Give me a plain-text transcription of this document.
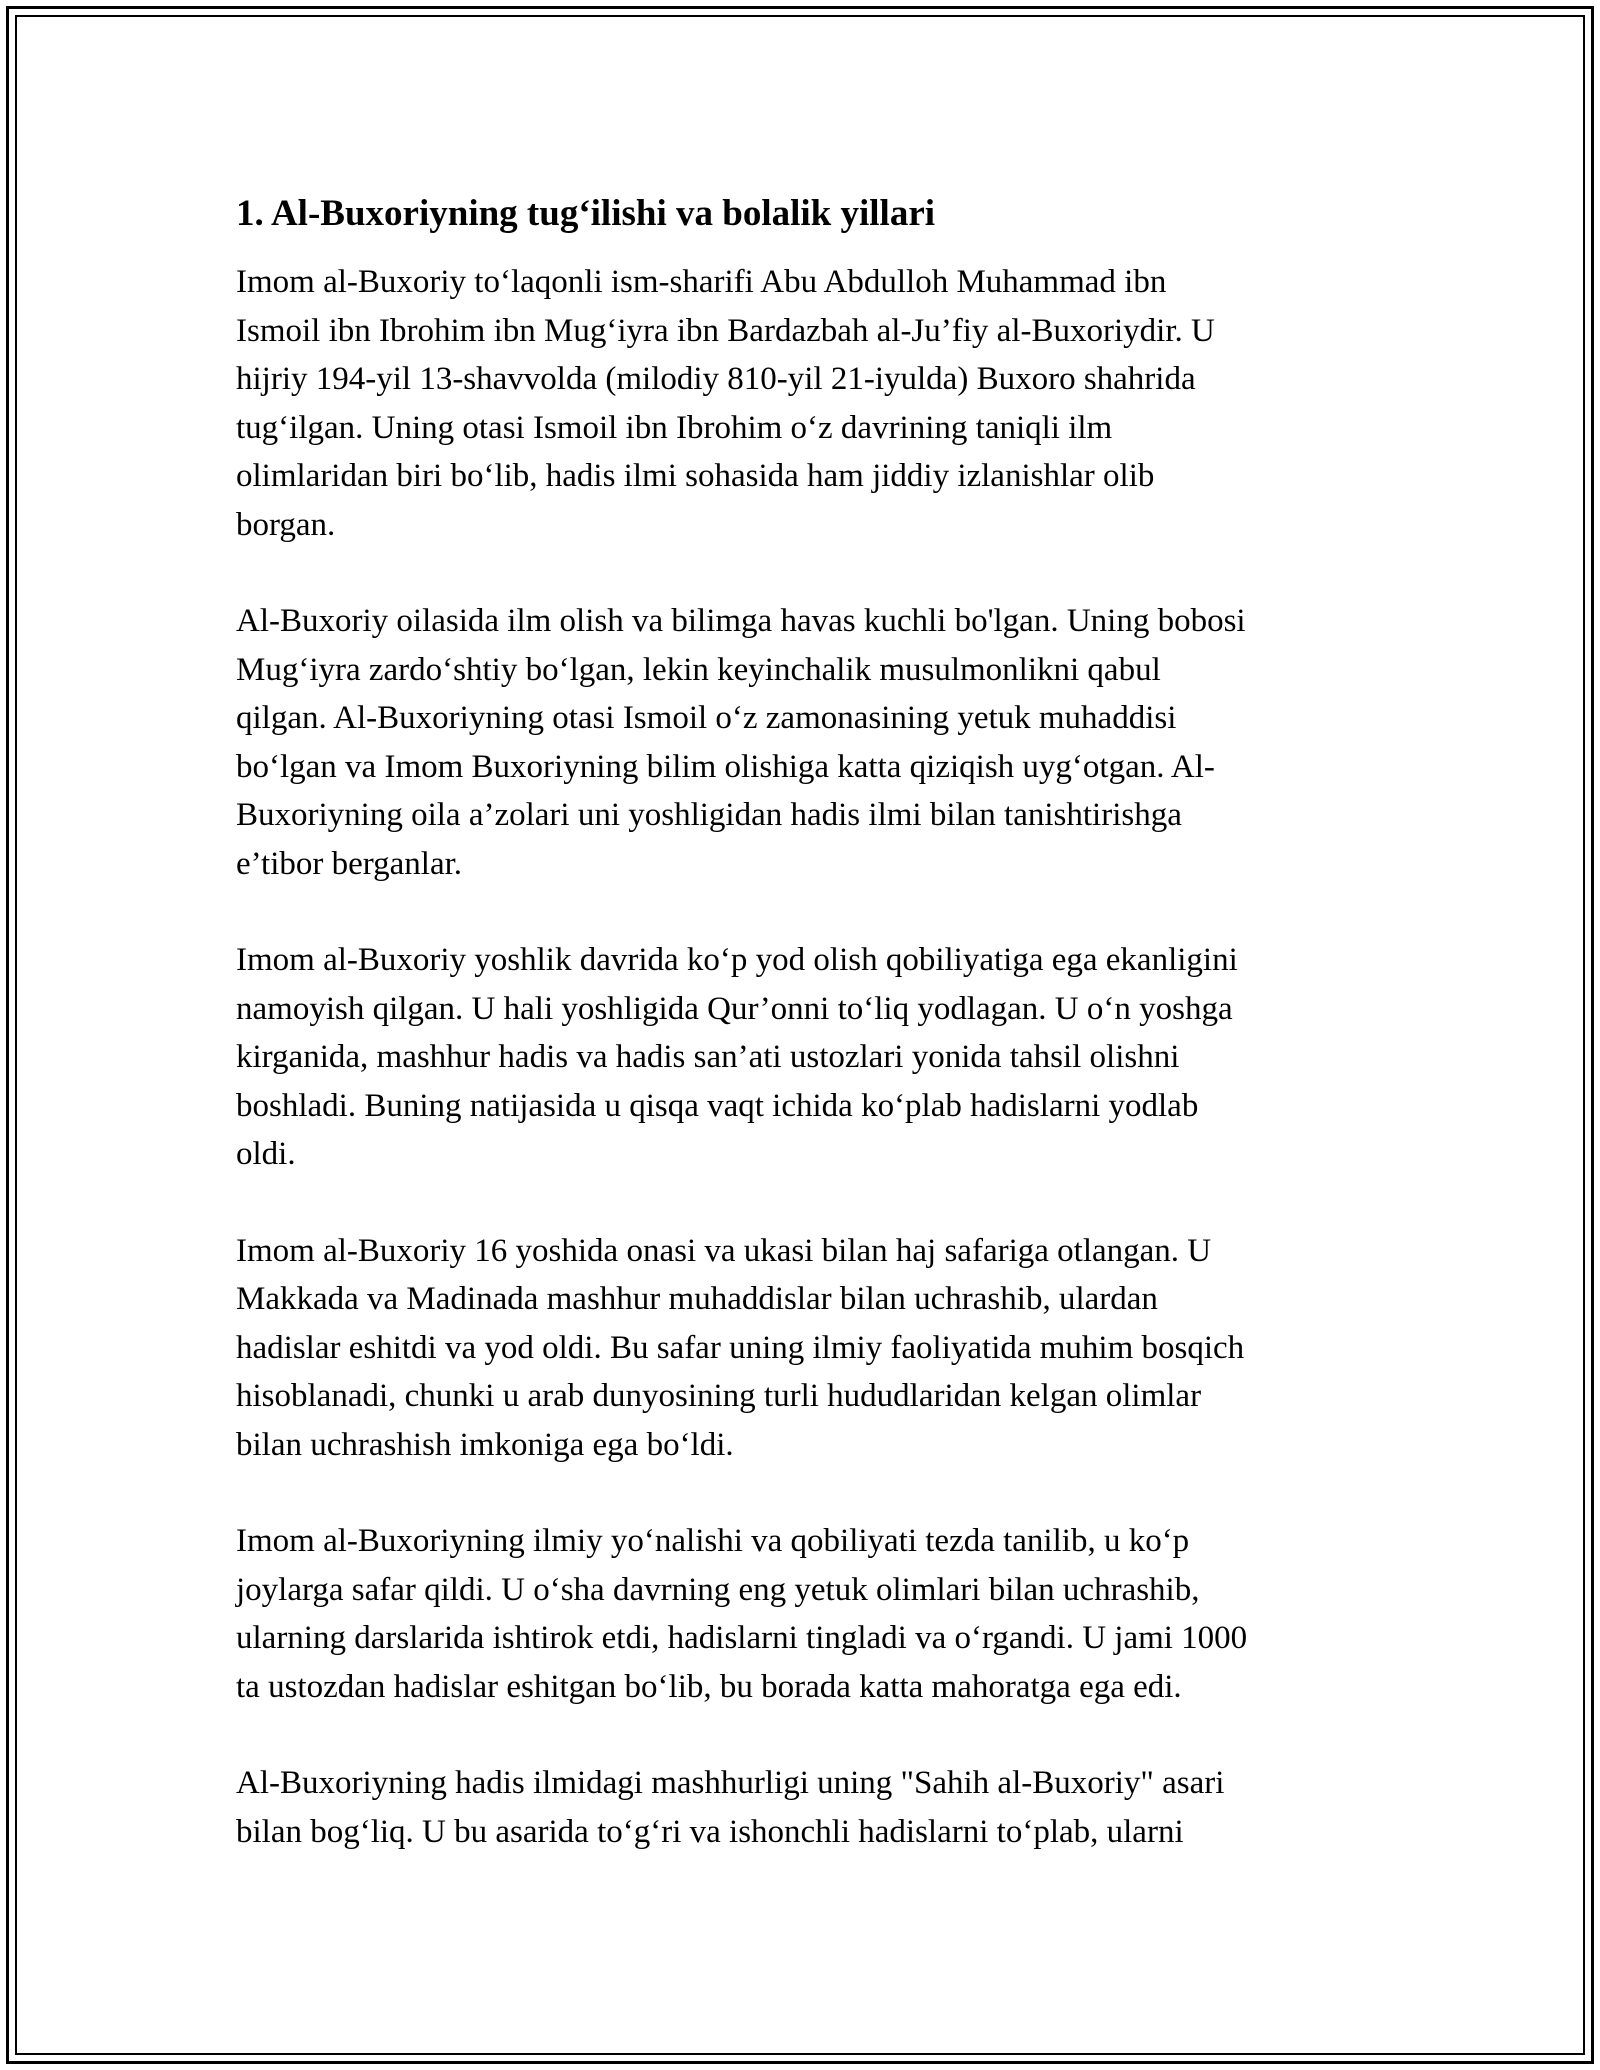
1. Al-Buxoriyning tug‘ilishi va bolalik yillari

Imom al-Buxoriy to‘laqonli ism-sharifi Abu Abdulloh Muhammad ibn
Ismoil ibn Ibrohim ibn Mug‘iyra ibn Bardazbah al-Ju’fiy al-Buxoriydir. U
hijriy 194-yil 13-shavvolda (milodiy 810-yil 21-iyulda) Buxoro shahrida
tug‘ilgan. Uning otasi Ismoil ibn Ibrohim o‘z davrining taniqli ilm
olimlaridan biri bo‘lib, hadis ilmi sohasida ham jiddiy izlanishlar olib
borgan.

Al-Buxoriy oilasida ilm olish va bilimga havas kuchli bo'lgan. Uning bobosi
Mug‘iyra zardo‘shtiy bo‘lgan, lekin keyinchalik musulmonlikni qabul
qilgan. Al-Buxoriyning otasi Ismoil o‘z zamonasining yetuk muhaddisi
bo‘lgan va Imom Buxoriyning bilim olishiga katta qiziqish uyg‘otgan. Al-
Buxoriyning oila a’zolari uni yoshligidan hadis ilmi bilan tanishtirishga
e’tibor berganlar.

Imom al-Buxoriy yoshlik davrida ko‘p yod olish qobiliyatiga ega ekanligini
namoyish qilgan. U hali yoshligida Qur’onni to‘liq yodlagan. U o‘n yoshga
kirganida, mashhur hadis va hadis san’ati ustozlari yonida tahsil olishni
boshladi. Buning natijasida u qisqa vaqt ichida ko‘plab hadislarni yodlab
oldi.

Imom al-Buxoriy 16 yoshida onasi va ukasi bilan haj safariga otlangan. U
Makkada va Madinada mashhur muhaddislar bilan uchrashib, ulardan
hadislar eshitdi va yod oldi. Bu safar uning ilmiy faoliyatida muhim bosqich
hisoblanadi, chunki u arab dunyosining turli hududlaridan kelgan olimlar
bilan uchrashish imkoniga ega bo‘ldi.

Imom al-Buxoriyning ilmiy yo‘nalishi va qobiliyati tezda tanilib, u ko‘p
joylarga safar qildi. U o‘sha davrning eng yetuk olimlari bilan uchrashib,
ularning darslarida ishtirok etdi, hadislarni tingladi va o‘rgandi. U jami 1000
ta ustozdan hadislar eshitgan bo‘lib, bu borada katta mahoratga ega edi.

Al-Buxoriyning hadis ilmidagi mashhurligi uning "Sahih al-Buxoriy" asari
bilan bog‘liq. U bu asarida to‘g‘ri va ishonchli hadislarni to‘plab, ularni
